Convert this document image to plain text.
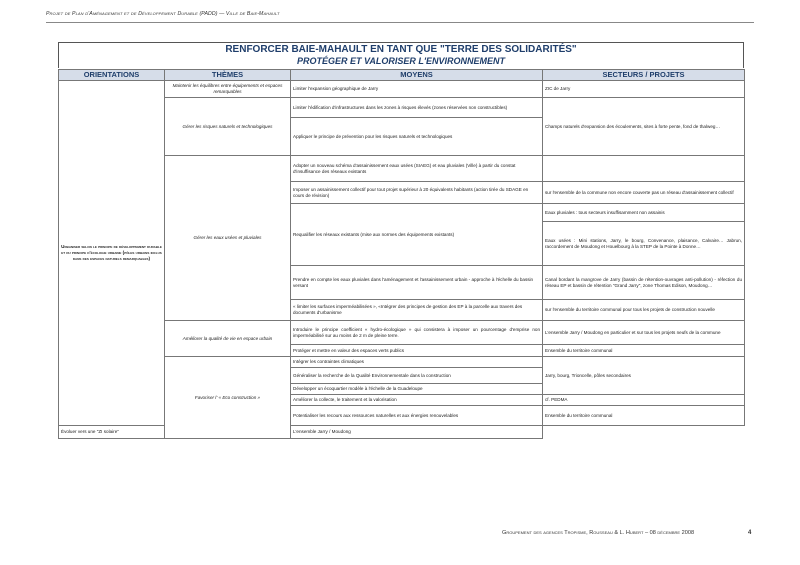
Projet de Plan d'Aménagement et de Développement Durable (PADD) — Ville de Baie-Mahault
RENFORCER BAIE-MAHAULT EN TANT QUE "TERRE DES SOLIDARITÉS"
PROTÉGER ET VALORISER L'ENVIRONNEMENT
ORIENTATIONS	THÈMES	MOYENS	SECTEURS / PROJETS
Urbaniser selon le principe de développement durable et du principe d'écologie urbaine (pôles urbains inclus dans des espaces naturels remarquables)	Maintenir les équilibres entre équipements et espaces remarquables	Limiter l'expansion géographique de Jarry	ZIC de Jarry
	Gérer les risques naturels et technologiques	Limiter l'édification d'infrastructures dans les zones à risques élevés (zones réservées non constructibles)	Champs naturels d'expansion des écoulements, sites à forte pente, fond de thalweg…
		Appliquer le principe de prévention pour les risques naturels et technologiques	
	Gérer les eaux usées et pluviales	Adopter un nouveau schéma d'assainissement eaux usées (SIAEG) et eau pluviales (Ville) à partir du constat d'insuffisance des réseaux existants	
		Imposer un assainissement collectif pour tout projet supérieur à 20 équivalents habitants (action tirée du SDAGE en cours de révision)	sur l'ensemble de la commune non encore couverte pas un réseau d'assainissement collectif
		Requalifier les réseaux existants (mise aux normes des équipements existants)	Eaux pluviales : tous secteurs insuffisamment non assainis
			Eaux usées : Mini stations, Jarry, le bourg, Convenance, plaisance, Calvaire… Jabrun, raccordement de Moudong et Houelbourg à la STEP de la Pointe à Donne…
		Prendre en compte les eaux pluviales dans l'aménagement et l'assainissement urbain - approche à l'échelle du bassin versant	Canal bordant la mangrove de Jarry (bassin de rétention-ouvrages anti-pollution) - réfection du réseau EP et bassin de rétention "Grand Jarry", zone Thomas Edison, Moudong…
		« limiter les surfaces imperméabilisées », «Intégrer des principes de gestion des EP à la parcelle aux travers des documents d'urbanisme	sur l'ensemble du territoire communal pour tous les projets de construction nouvelle
	Améliorer la qualité de vie en espace urbain	Introduire le principe coefficient « hydro-écologique » qui consistera à imposer un pourcentage d'emprise non imperméabilisé sur au moins de 2 m de pleine terre.	L'ensemble Jarry / Moudong en particulier et sur tous les projets neufs de la commune
		Protéger et mettre en valeur des espaces verts publics	Ensemble du territoire communal
	Favoriser l' « Eco construction »	Intégrer les contraintes climatiques	Jarry, bourg, Trioncelle, pôles secondaires
		Généraliser la recherche de la Qualité Environnementale dans la construction	
		Développer un écoquartier modèle à l'échelle de la Guadeloupe	
		Améliorer la collecte, le traitement et la valorisation	cf. PEDMA
		Potentialiser les recours aux ressources naturelles et aux énergies renouvelables	Ensemble du territoire communal
Évoluer vers une "ZI solaire"		L'ensemble Jarry / Moudong	
Groupement des agences Tropisme, Rousseau & L. Hubert – 08 décembre 2008	4
